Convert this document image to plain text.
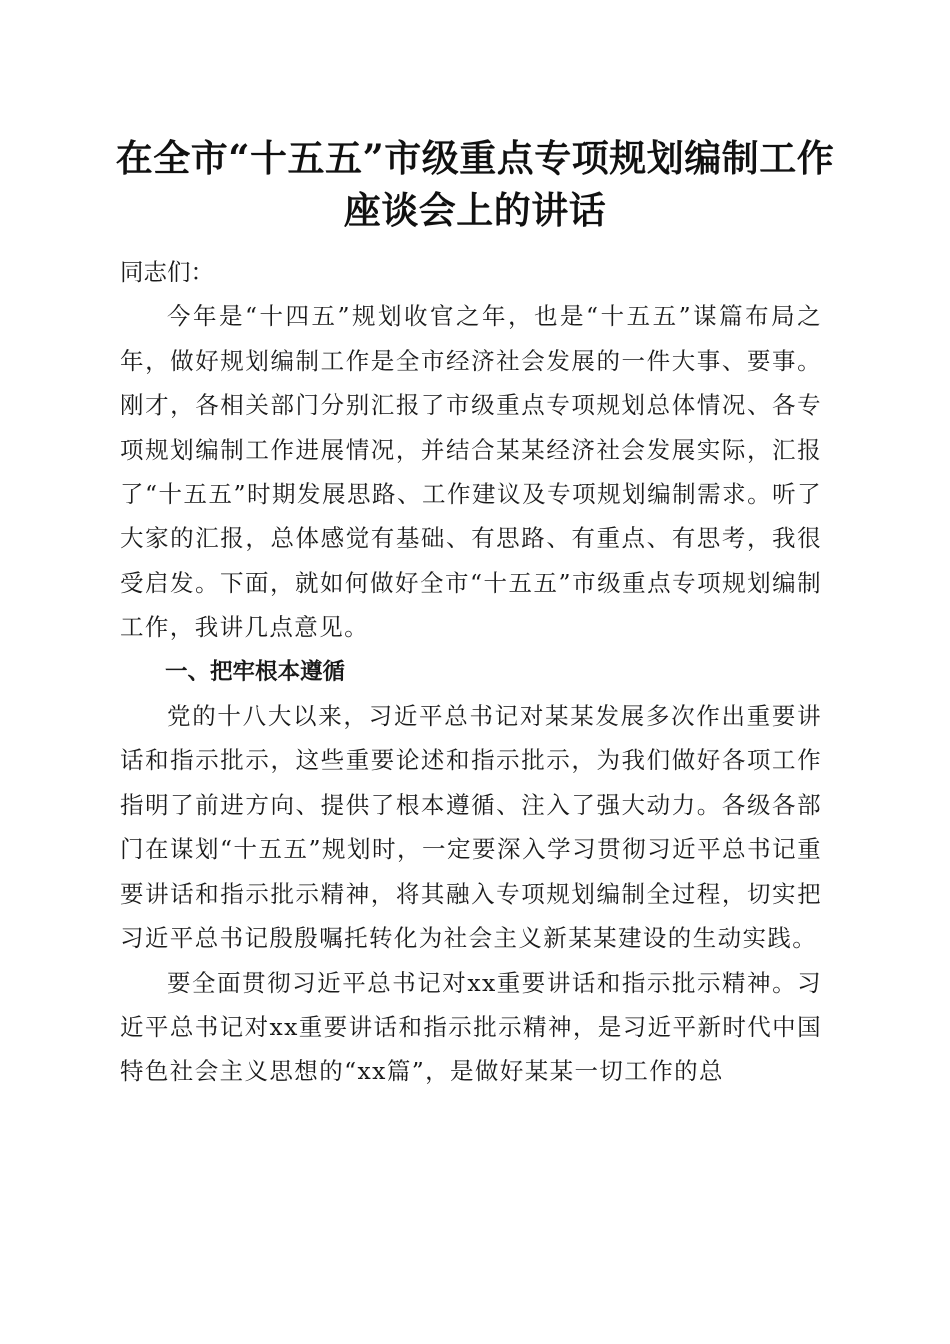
在全市“十五五”市级重点专项规划编制工作
座谈会上的讲话

同志们：

今年是“十四五”规划收官之年，也是“十五五”谋篇布局之年，做好规划编制工作是全市经济社会发展的一件大事、要事。刚才，各相关部门分别汇报了市级重点专项规划总体情况、各专项规划编制工作进展情况，并结合某某经济社会发展实际，汇报了“十五五”时期发展思路、工作建议及专项规划编制需求。听了大家的汇报，总体感觉有基础、有思路、有重点、有思考，我很受启发。下面，就如何做好全市“十五五”市级重点专项规划编制工作，我讲几点意见。

一、把牢根本遵循

党的十八大以来，习近平总书记对某某发展多次作出重要讲话和指示批示，这些重要论述和指示批示，为我们做好各项工作指明了前进方向、提供了根本遵循、注入了强大动力。各级各部门在谋划“十五五”规划时，一定要深入学习贯彻习近平总书记重要讲话和指示批示精神，将其融入专项规划编制全过程，切实把习近平总书记殷殷嘱托转化为社会主义新某某建设的生动实践。

要全面贯彻习近平总书记对xx重要讲话和指示批示精神。习近平总书记对xx重要讲话和指示批示精神，是习近平新时代中国特色社会主义思想的“xx篇”，是做好某某一切工作的总
